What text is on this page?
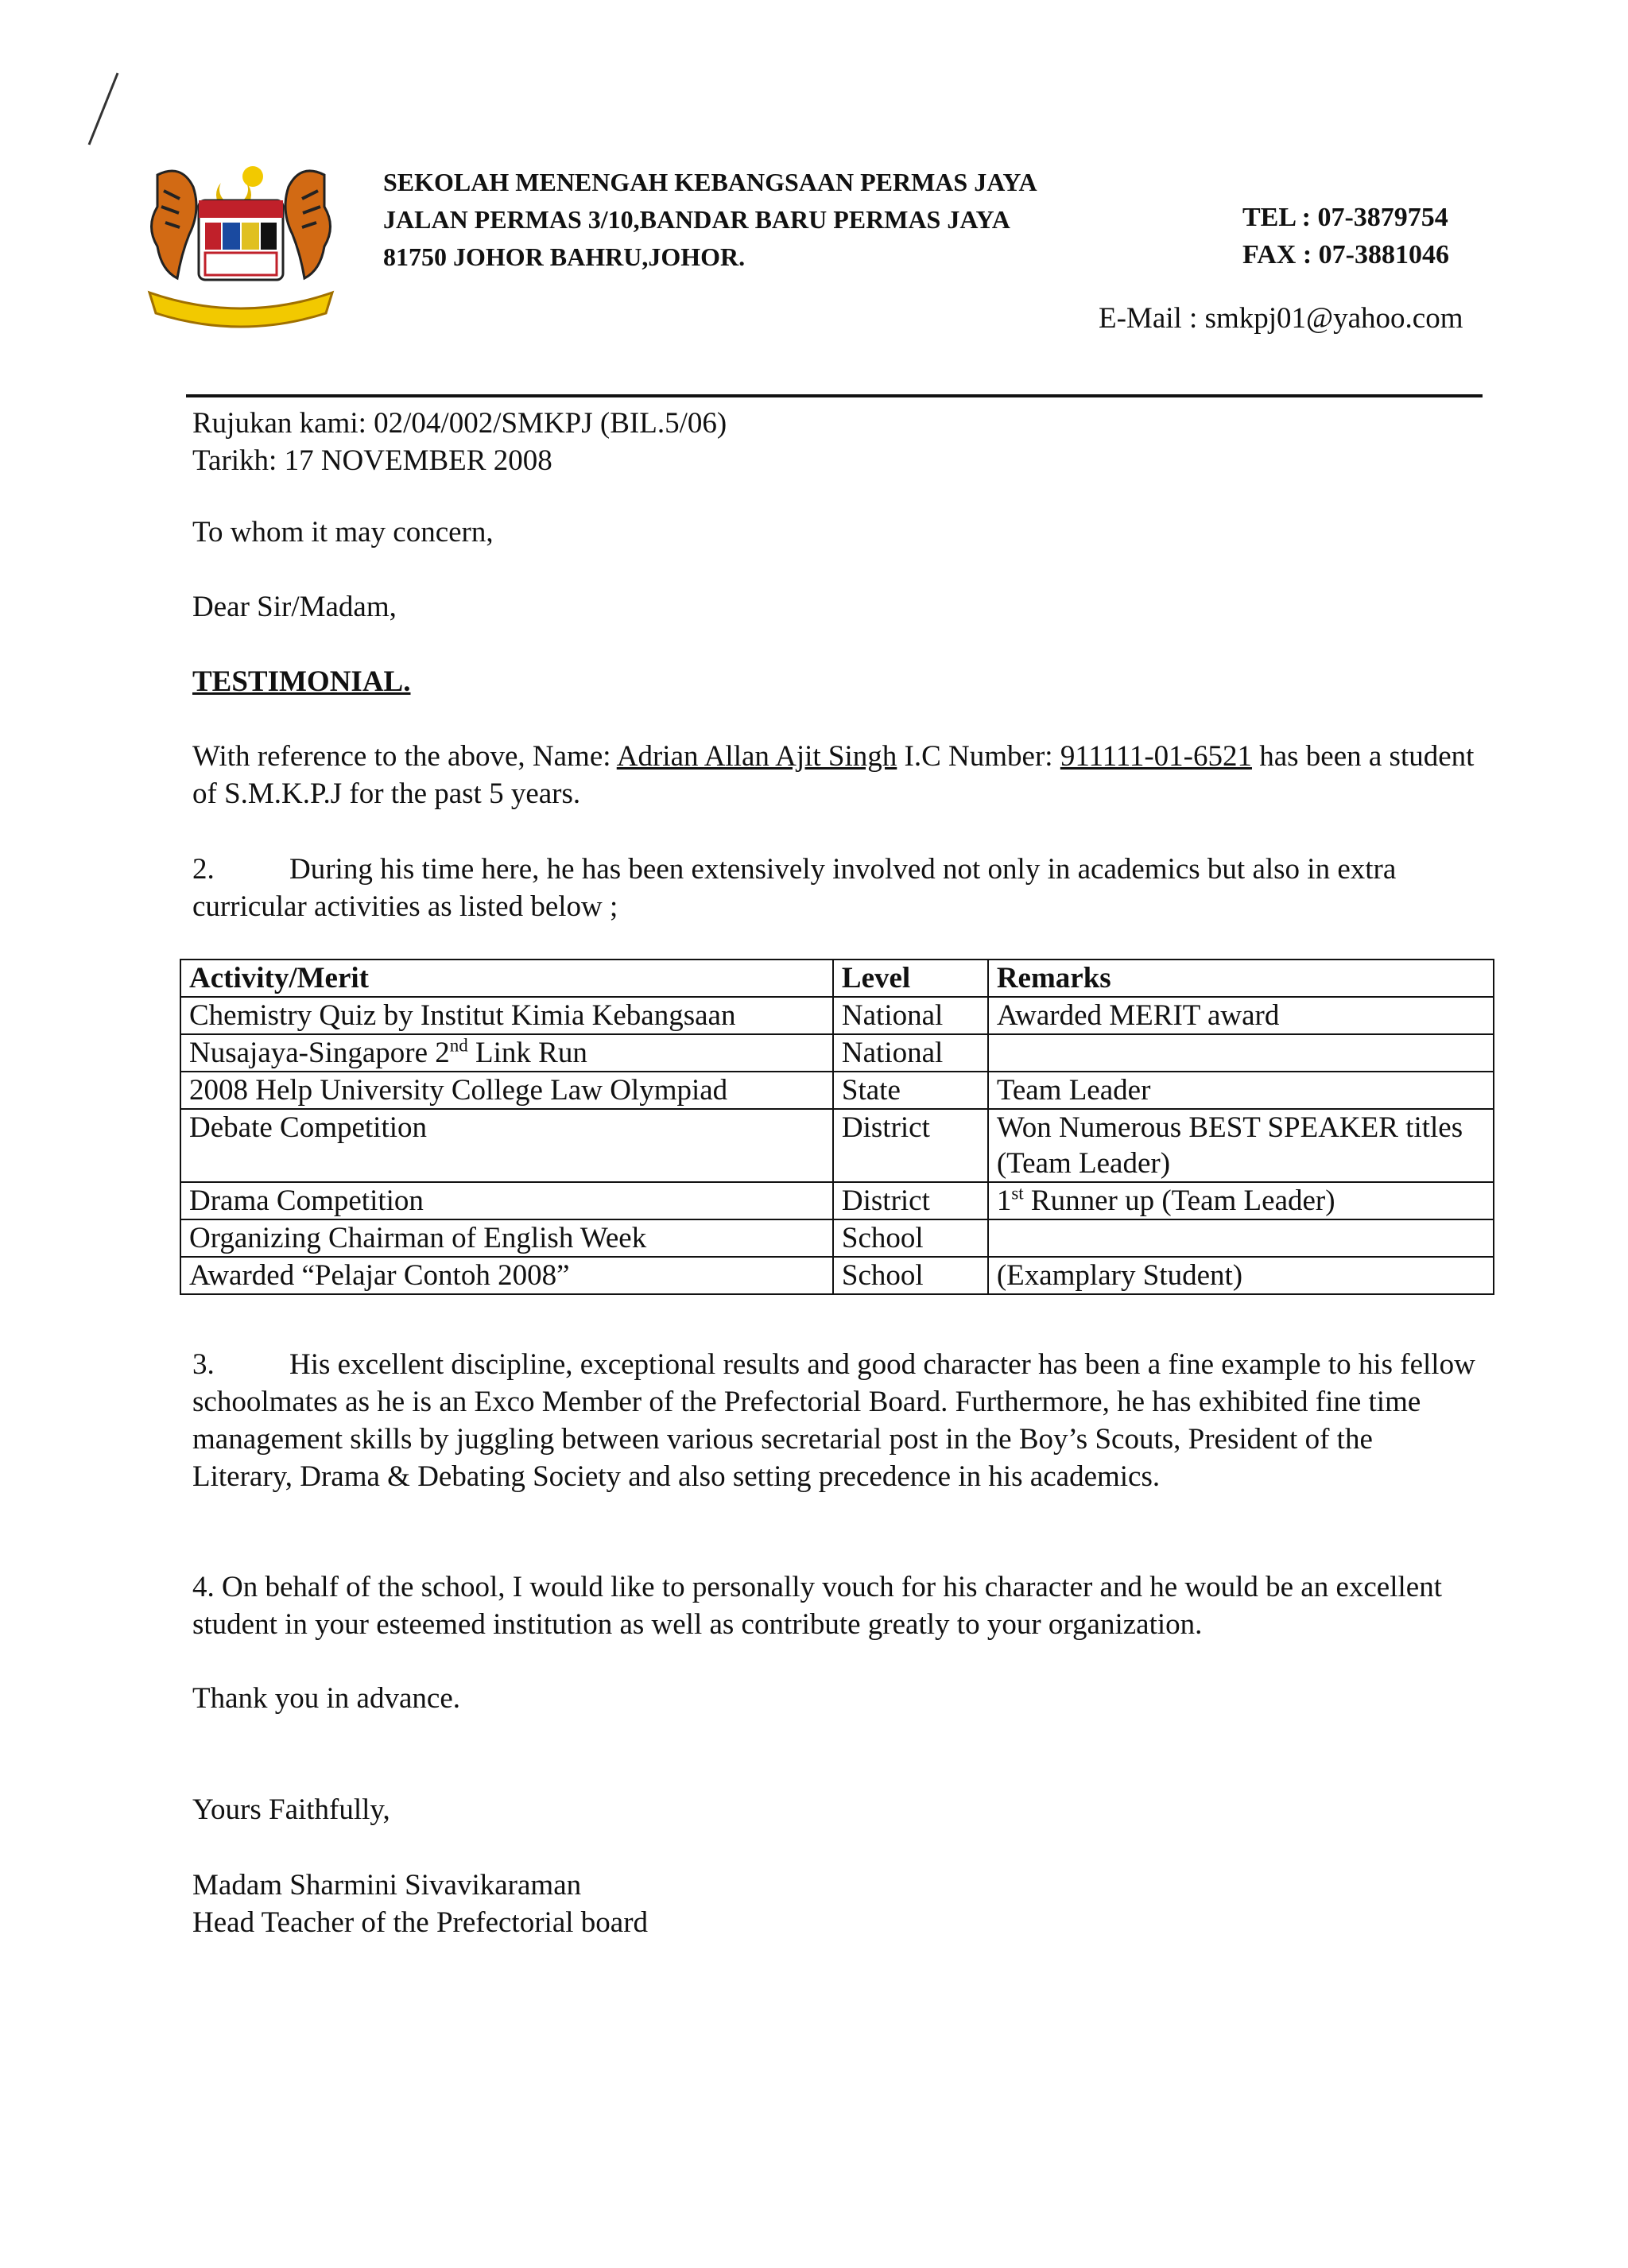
SEKOLAH MENENGAH KEBANGSAAN PERMAS JAYA
JALAN PERMAS 3/10,BANDAR BARU PERMAS JAYA
81750 JOHOR BAHRU,JOHOR.
TEL : 07-3879754
FAX : 07-3881046
E-Mail : smkpj01@yahoo.com
Rujukan kami: 02/04/002/SMKPJ (BIL.5/06)
Tarikh: 17 NOVEMBER 2008
To whom it may concern,
Dear Sir/Madam,
TESTIMONIAL.
With reference to the above, Name: Adrian Allan Ajit Singh I.C Number: 911111-01-6521 has been a student of S.M.K.P.J for the past 5 years.
2.	During his time here, he has been extensively involved not only in academics but also in extra curricular activities as listed below ;
Activity/Merit	Level	Remarks
Chemistry Quiz by Institut Kimia Kebangsaan	National	Awarded MERIT award
Nusajaya-Singapore 2nd Link Run	National	
2008 Help University College Law Olympiad	State	Team Leader
Debate Competition	District	Won Numerous BEST SPEAKER titles (Team Leader)
Drama Competition	District	1st Runner up (Team Leader)
Organizing Chairman of English Week	School	
Awarded “Pelajar Contoh 2008”	School	(Examplary Student)
3.	His excellent discipline, exceptional results and good character has been a fine example to his fellow schoolmates as he is an Exco Member of the Prefectorial Board. Furthermore, he has exhibited fine time management skills by juggling between various secretarial post in the Boy’s Scouts, President of the Literary, Drama & Debating Society and also setting precedence in his academics.
4. On behalf of the school, I would like to personally vouch for his character and he would be an excellent student in your esteemed institution as well as contribute greatly to your organization.
Thank you in advance.
Yours Faithfully,
Madam Sharmini Sivavikaraman
Head Teacher of the Prefectorial board
